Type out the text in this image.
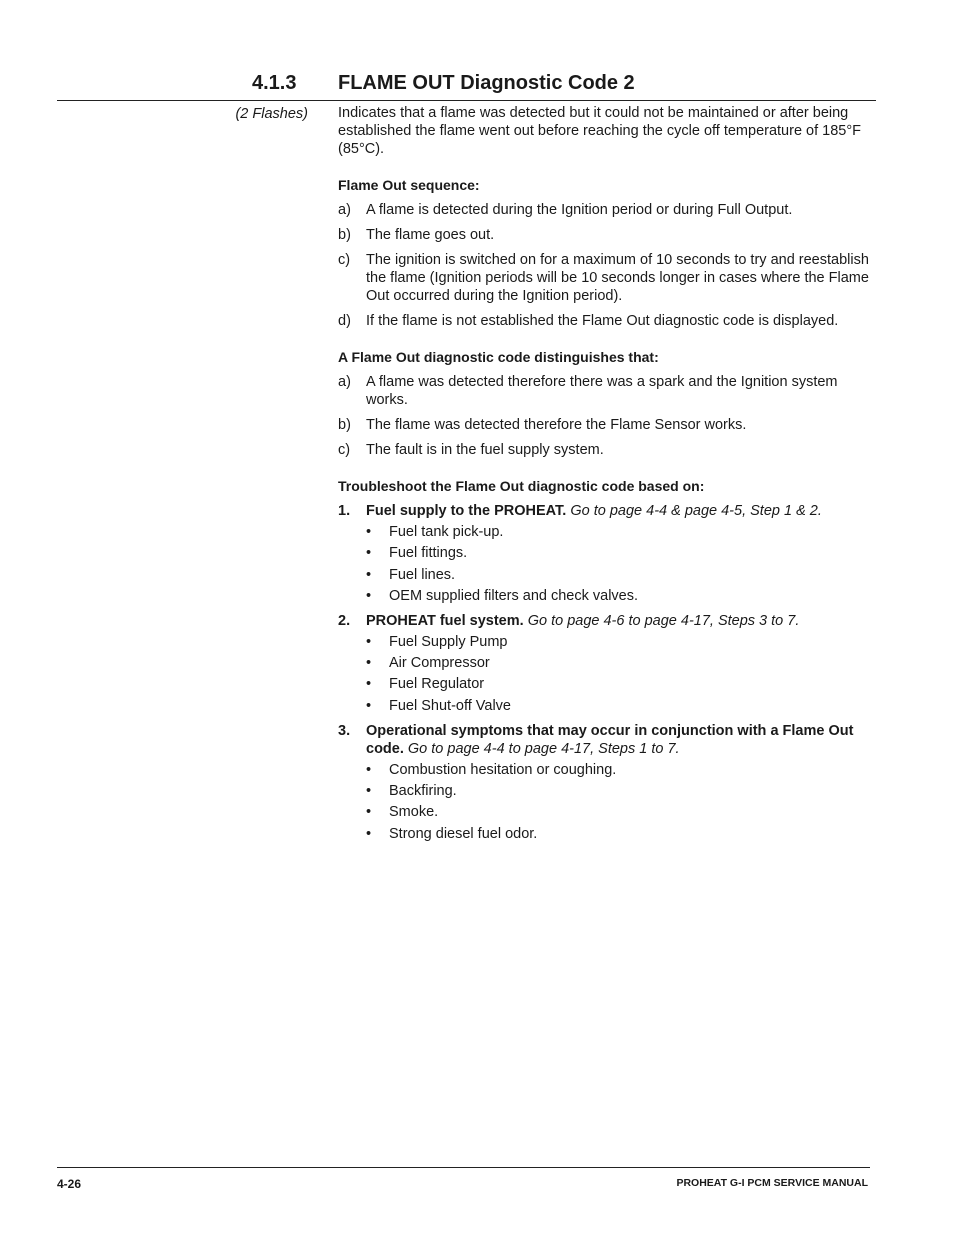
4.1.3 FLAME OUT Diagnostic Code 2
(2 Flashes) Indicates that a flame was detected but it could not be maintained or after being established the flame went out before reaching the cycle off temperature of 185°F (85°C).

Flame Out sequence:

a)	A flame is detected during the Ignition period or during Full Output.
b)	The flame goes out.
c)	The ignition is switched on for a maximum of 10 seconds to try and reestablish the flame (Ignition periods will be 10 seconds longer in cases where the Flame Out occurred during the Ignition period).
d)	If the flame is not established the Flame Out diagnostic code is displayed.

A Flame Out diagnostic code distinguishes that:

a)	A flame was detected therefore there was a spark and the Ignition system works.
b)	The flame was detected therefore the Flame Sensor works.
c)	The fault is in the fuel supply system.

Troubleshoot the Flame Out diagnostic code based on:

1.	Fuel supply to the PROHEAT. Go to page 4-4 & page 4-5, Step 1 & 2.
•	Fuel tank pick-up.
•	Fuel fittings.
•	Fuel lines.
•	OEM supplied filters and check valves.
2.	PROHEAT fuel system. Go to page 4-6 to page 4-17, Steps 3 to 7.
•	Fuel Supply Pump
•	Air Compressor
•	Fuel Regulator
•	Fuel Shut-off Valve
3.	Operational symptoms that may occur in conjunction with a Flame Out code. Go to page 4-4 to page 4-17, Steps 1 to 7.
•	Combustion hesitation or coughing.
•	Backfiring.
•	Smoke.
•	Strong diesel fuel odor.
4-26	PROHEAT G-I PCM SERVICE MANUAL
